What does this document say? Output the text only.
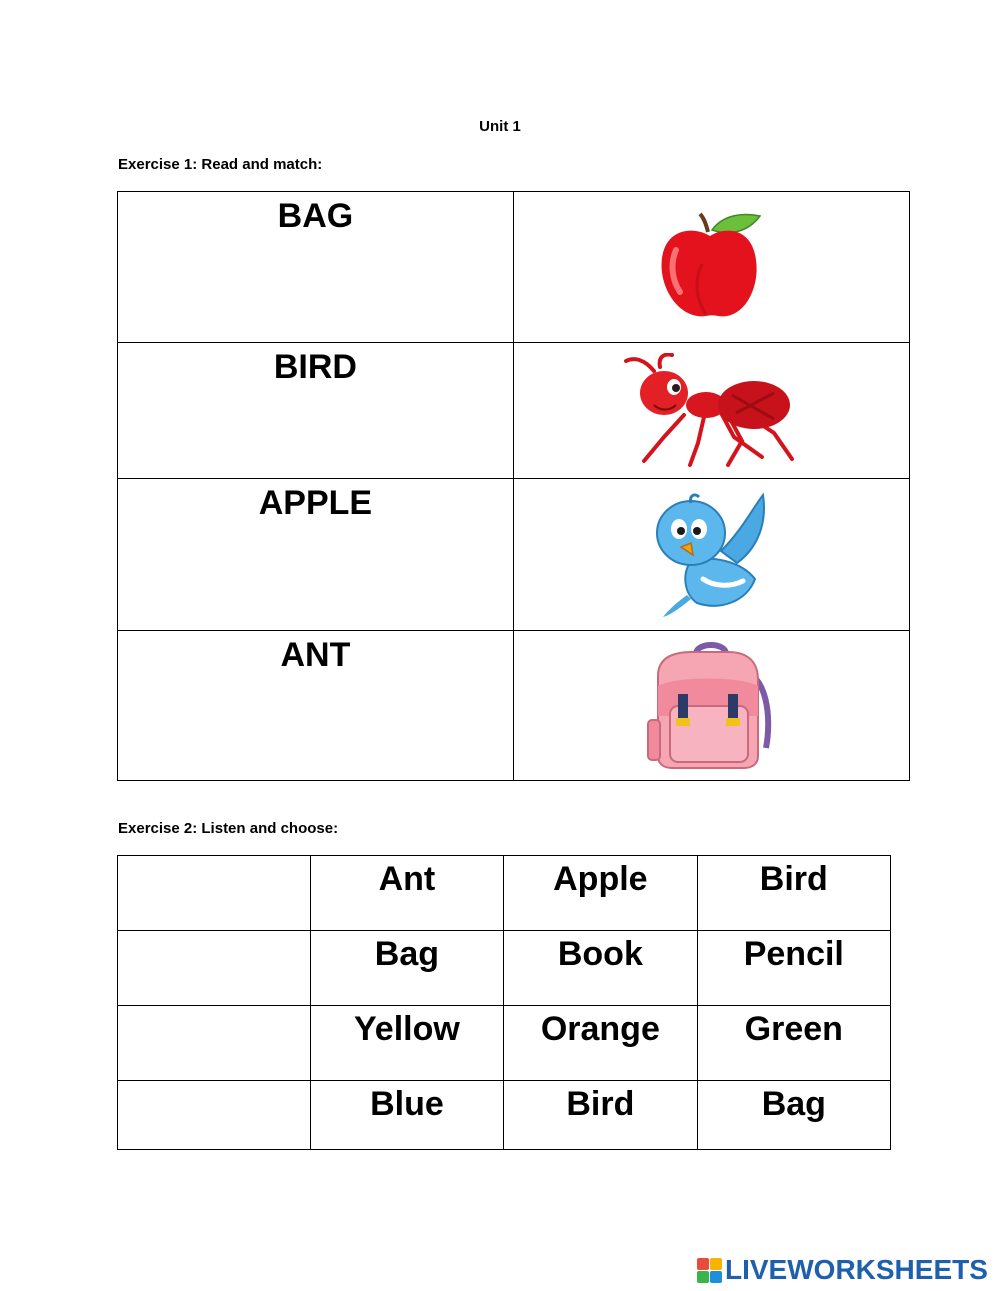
Unit 1
Exercise 1: Read and match:
BAG	

BIRD	

APPLE	

ANT	
Exercise 2: Listen and choose:
	Ant	Apple	Bird
	Bag	Book	Pencil
	Yellow	Orange	Green
	Blue	Bird	Bag
LIVEWORKSHEETS
